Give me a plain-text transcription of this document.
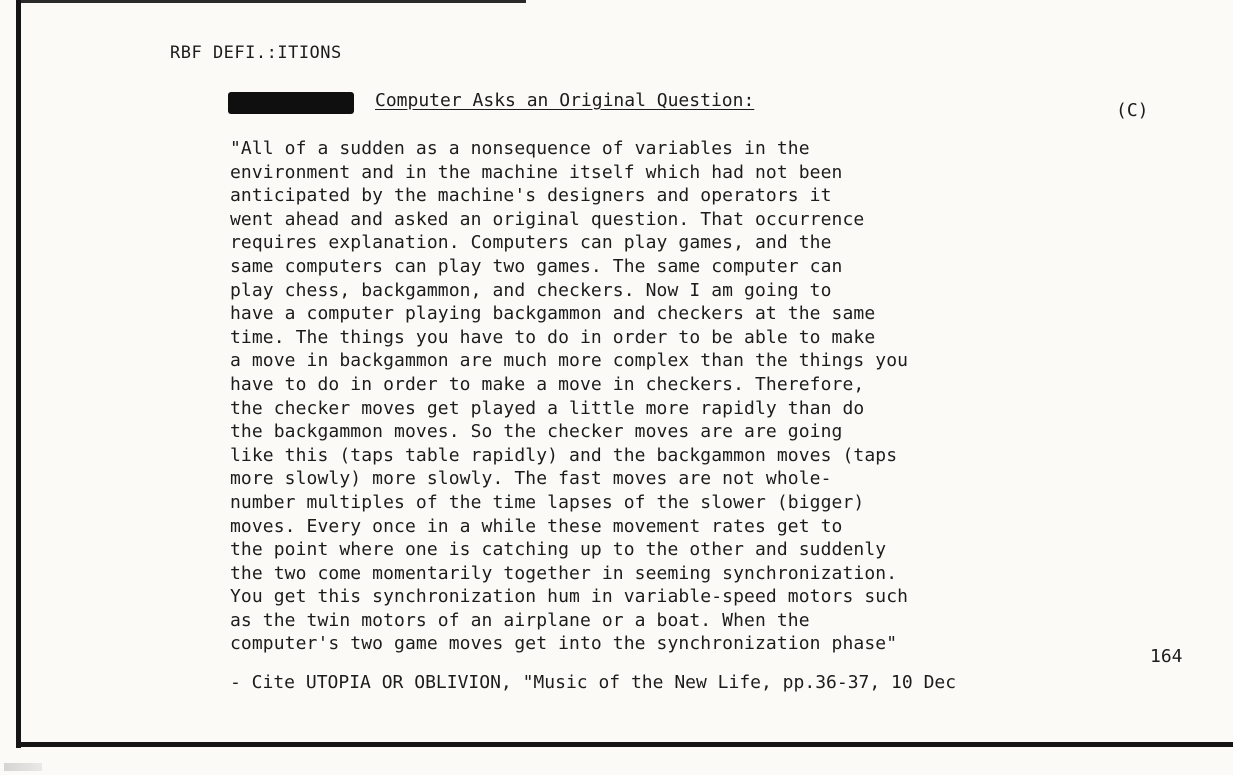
RBF DEFI.:ITIONS
Computer Asks an Original Question:	(C)
"All of a sudden as a nonsequence of variables in the
environment and in the machine itself which had not been
anticipated by the machine's designers and operators it
went ahead and asked an original question. That occurrence
requires explanation. Computers can play games, and the
same computers can play two games. The same computer can
play chess, backgammon, and checkers. Now I am going to
have a computer playing backgammon and checkers at the same
time. The things you have to do in order to be able to make
a move in backgammon are much more complex than the things you
have to do in order to make a move in checkers. Therefore,
the checker moves get played a little more rapidly than do
the backgammon moves. So the checker moves are are going
like this (taps table rapidly) and the backgammon moves (taps
more slowly) more slowly. The fast moves are not whole-
number multiples of the time lapses of the slower (bigger)
moves. Every once in a while these movement rates get to
the point where one is catching up to the other and suddenly
the two come momentarily together in seeming synchronization.
You get this synchronization hum in variable-speed motors such
as the twin motors of an airplane or a boat. When the
computer's two game moves get into the synchronization phase"
164
- Cite UTOPIA OR OBLIVION, "Music of the New Life, pp.36-37, 10 Dec
